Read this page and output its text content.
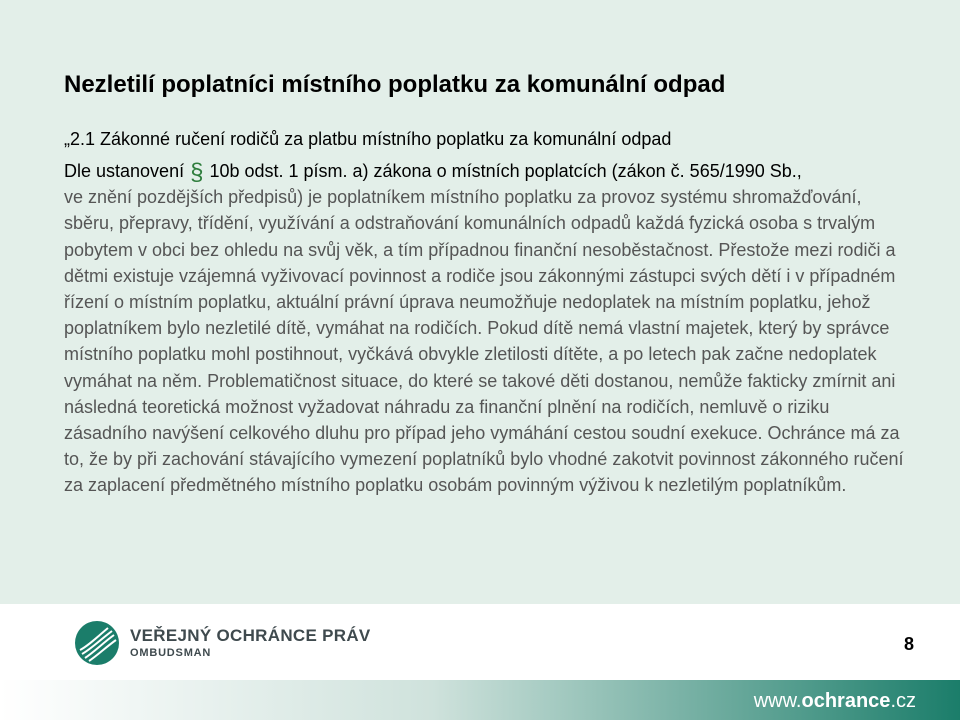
Nezletilí poplatníci místního poplatku za komunální odpad

„2.1 Zákonné ručení rodičů za platbu místního poplatku za komunální odpad

Dle ustanovení § 10b odst. 1 písm. a) zákona o místních poplatcích (zákon č. 565/1990 Sb.,
ve znění pozdějších předpisů) je poplatníkem místního poplatku za provoz systému shromažďování, sběru, přepravy, třídění, využívání a odstraňování komunálních odpadů každá fyzická osoba s trvalým pobytem v obci bez ohledu na svůj věk, a tím případnou finanční nesoběstačnost. Přestože mezi rodiči a dětmi existuje vzájemná vyživovací povinnost a rodiče jsou zákonnými zástupci svých dětí i v případném řízení o místním poplatku, aktuální právní úprava neumožňuje nedoplatek na místním poplatku, jehož poplatníkem bylo nezletilé dítě, vymáhat na rodičích. Pokud dítě nemá vlastní majetek, který by správce místního poplatku mohl postihnout, vyčkává obvykle zletilosti dítěte, a po letech pak začne nedoplatek vymáhat na něm. Problematičnost situace, do které se takové děti dostanou, nemůže fakticky zmírnit ani následná teoretická možnost vyžadovat náhradu za finanční plnění na rodičích, nemluvě o riziku zásadního navýšení celkového dluhu pro případ jeho vymáhání cestou soudní exekuce. Ochránce má za to, že by při zachování stávajícího vymezení poplatníků bylo vhodné zakotvit povinnost zákonného ručení za zaplacení předmětného místního poplatku osobám povinným výživou k nezletilým poplatníkům.
VEŘEJNÝ OCHRÁNCE PRÁV
OMBUDSMAN	8
www.ochrance.cz
